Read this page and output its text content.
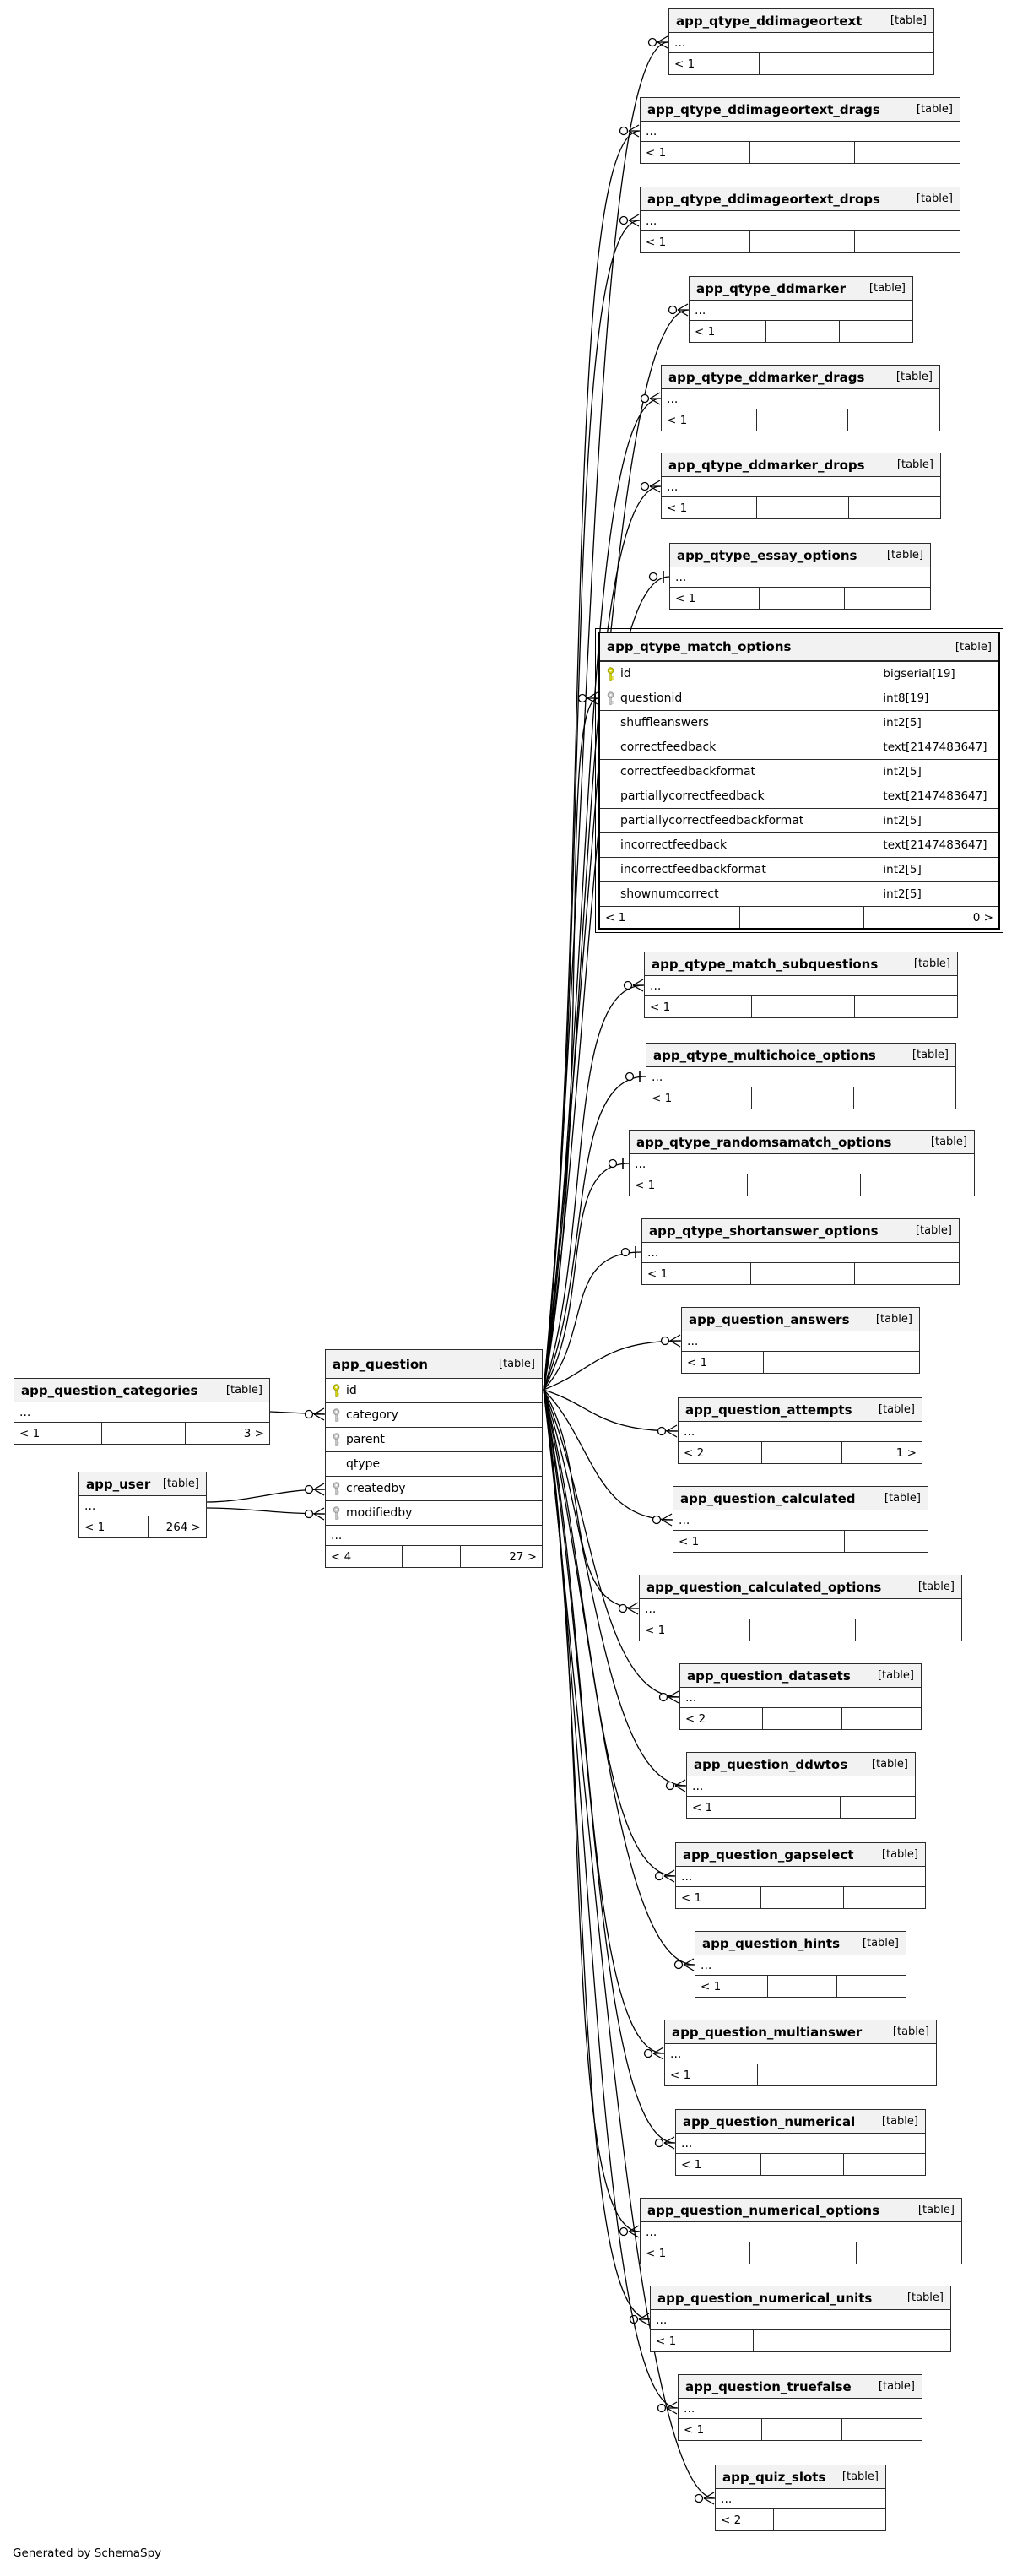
app_qtype_ddimageortext	[table]
...
< 1
app_qtype_ddimageortext_drags	[table]
...
< 1
app_qtype_ddimageortext_drops	[table]
...
< 1
app_qtype_ddmarker [table]
...
< 1
app_qtype_ddmarker_drags	[table]
...
< 1
app_qtype_ddmarker_drops	[table]
...
< 1
app_qtype_essay_options	[table]
...
< 1
app_qtype_match_options	[table]
id	bigserial[19]
questionid	int8[19]
shuffleanswers	int2[5]
correctfeedback	text[2147483647]
correctfeedbackformat	int2[5]
partiallycorrectfeedback	text[2147483647]
partiallycorrectfeedbackformat	int2[5]
incorrectfeedback	text[2147483647]
incorrectfeedbackformat	int2[5]
shownumcorrect	int2[5]
< 1	0 >
app_qtype_match_subquestions	[table]
...
< 1
app_qtype_multichoice_options	[table]
...
< 1
app_qtype_randomsamatch_options	[table]
...
< 1
app_qtype_shortanswer_options	[table]
...
< 1
app_question_answers [table]
...
< 1
app_question_attempts [table]
...
< 2	1 >
app_question_calculated	[table]
...
< 1
app_question_calculated_options	[table]
...
< 1
app_question_datasets [table]
...
< 2
app_question_ddwtos [table]
...
< 1
app_question_gapselect	[table]
...
< 1
app_question_hints [table]
...
< 1
app_question_multianswer	[table]
...
< 1
app_question_numerical [table]
...
< 1
app_question_numerical_options	[table]
...
< 1
app_question_numerical_units	[table]
...
< 1
app_question_truefalse [table]
...
< 1
app_quiz_slots [table]
...
< 2
app_question_categories	[table]
...
< 1	3 >
app_user [table]
...
< 1	264 >
app_question	[table]
id
category
parent
qtype
createdby
modifiedby
...
< 4	27 >
Generated by SchemaSpy
